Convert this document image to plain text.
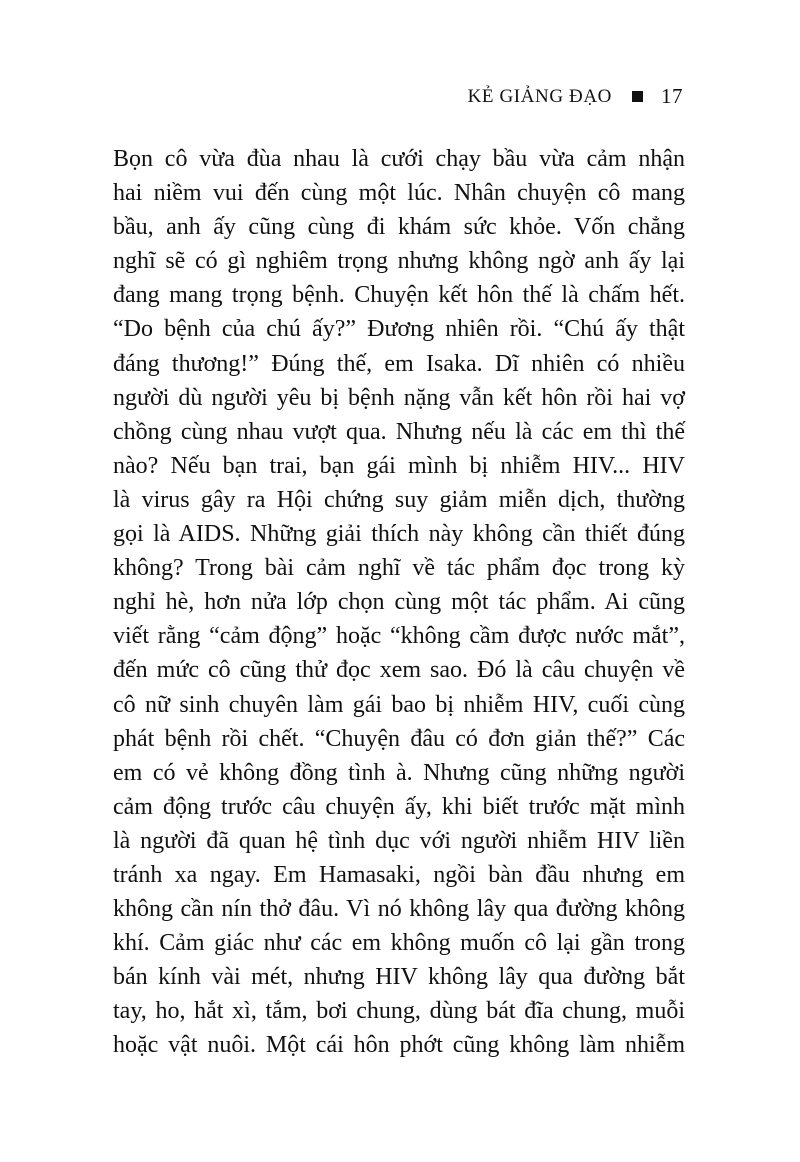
KẺ GIẢNG ĐẠO 17
Bọn cô vừa đùa nhau là cưới chạy bầu vừa cảm nhận
hai niềm vui đến cùng một lúc. Nhân chuyện cô mang
bầu, anh ấy cũng cùng đi khám sức khỏe. Vốn chẳng
nghĩ sẽ có gì nghiêm trọng nhưng không ngờ anh ấy lại
đang mang trọng bệnh. Chuyện kết hôn thế là chấm hết.
“Do bệnh của chú ấy?” Đương nhiên rồi. “Chú ấy thật
đáng thương!” Đúng thế, em Isaka. Dĩ nhiên có nhiều
người dù người yêu bị bệnh nặng vẫn kết hôn rồi hai vợ
chồng cùng nhau vượt qua. Nhưng nếu là các em thì thế
nào? Nếu bạn trai, bạn gái mình bị nhiễm HIV... HIV
là virus gây ra Hội chứng suy giảm miễn dịch, thường
gọi là AIDS. Những giải thích này không cần thiết đúng
không? Trong bài cảm nghĩ về tác phẩm đọc trong kỳ
nghỉ hè, hơn nửa lớp chọn cùng một tác phẩm. Ai cũng
viết rằng “cảm động” hoặc “không cầm được nước mắt”,
đến mức cô cũng thử đọc xem sao. Đó là câu chuyện về
cô nữ sinh chuyên làm gái bao bị nhiễm HIV, cuối cùng
phát bệnh rồi chết. “Chuyện đâu có đơn giản thế?” Các
em có vẻ không đồng tình à. Nhưng cũng những người
cảm động trước câu chuyện ấy, khi biết trước mặt mình
là người đã quan hệ tình dục với người nhiễm HIV liền
tránh xa ngay. Em Hamasaki, ngồi bàn đầu nhưng em
không cần nín thở đâu. Vì nó không lây qua đường không
khí. Cảm giác như các em không muốn cô lại gần trong
bán kính vài mét, nhưng HIV không lây qua đường bắt
tay, ho, hắt xì, tắm, bơi chung, dùng bát đĩa chung, muỗi
hoặc vật nuôi. Một cái hôn phớt cũng không làm nhiễm
